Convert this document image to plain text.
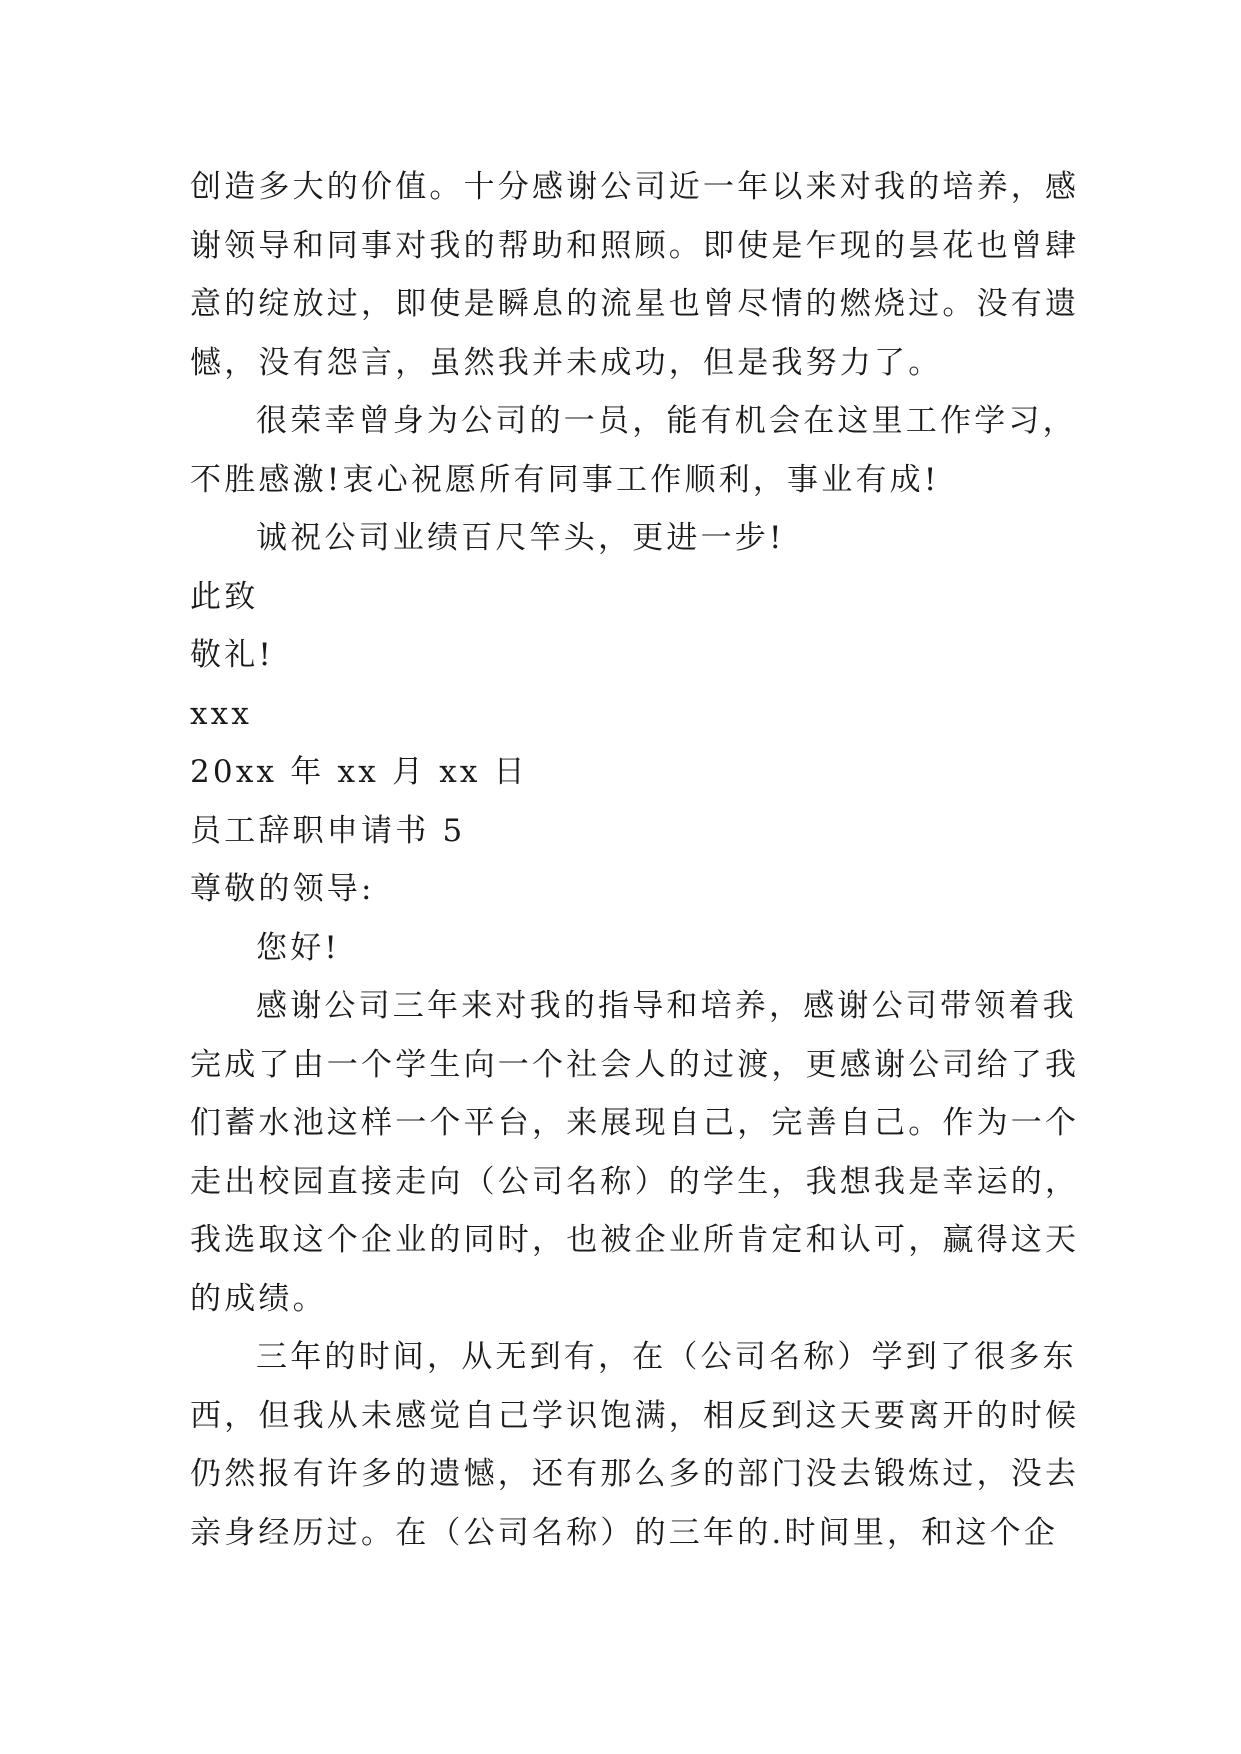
创造多大的价值。十分感谢公司近一年以来对我的培养，感
谢领导和同事对我的帮助和照顾。即使是乍现的昙花也曾肆
意的绽放过，即使是瞬息的流星也曾尽情的燃烧过。没有遗
憾，没有怨言，虽然我并未成功，但是我努力了。
很荣幸曾身为公司的一员，能有机会在这里工作学习，
不胜感激!衷心祝愿所有同事工作顺利，事业有成!
诚祝公司业绩百尺竿头，更进一步!
此致
敬礼!
xxx
20xx 年 xx 月 xx 日
员工辞职申请书 5
尊敬的领导:
您好!
感谢公司三年来对我的指导和培养，感谢公司带领着我
完成了由一个学生向一个社会人的过渡，更感谢公司给了我
们蓄水池这样一个平台，来展现自己，完善自己。作为一个
走出校园直接走向（公司名称）的学生，我想我是幸运的，
我选取这个企业的同时，也被企业所肯定和认可，赢得这天
的成绩。
三年的时间，从无到有，在（公司名称）学到了很多东
西，但我从未感觉自己学识饱满，相反到这天要离开的时候
仍然报有许多的遗憾，还有那么多的部门没去锻炼过，没去
亲身经历过。在（公司名称）的三年的.时间里，和这个企
